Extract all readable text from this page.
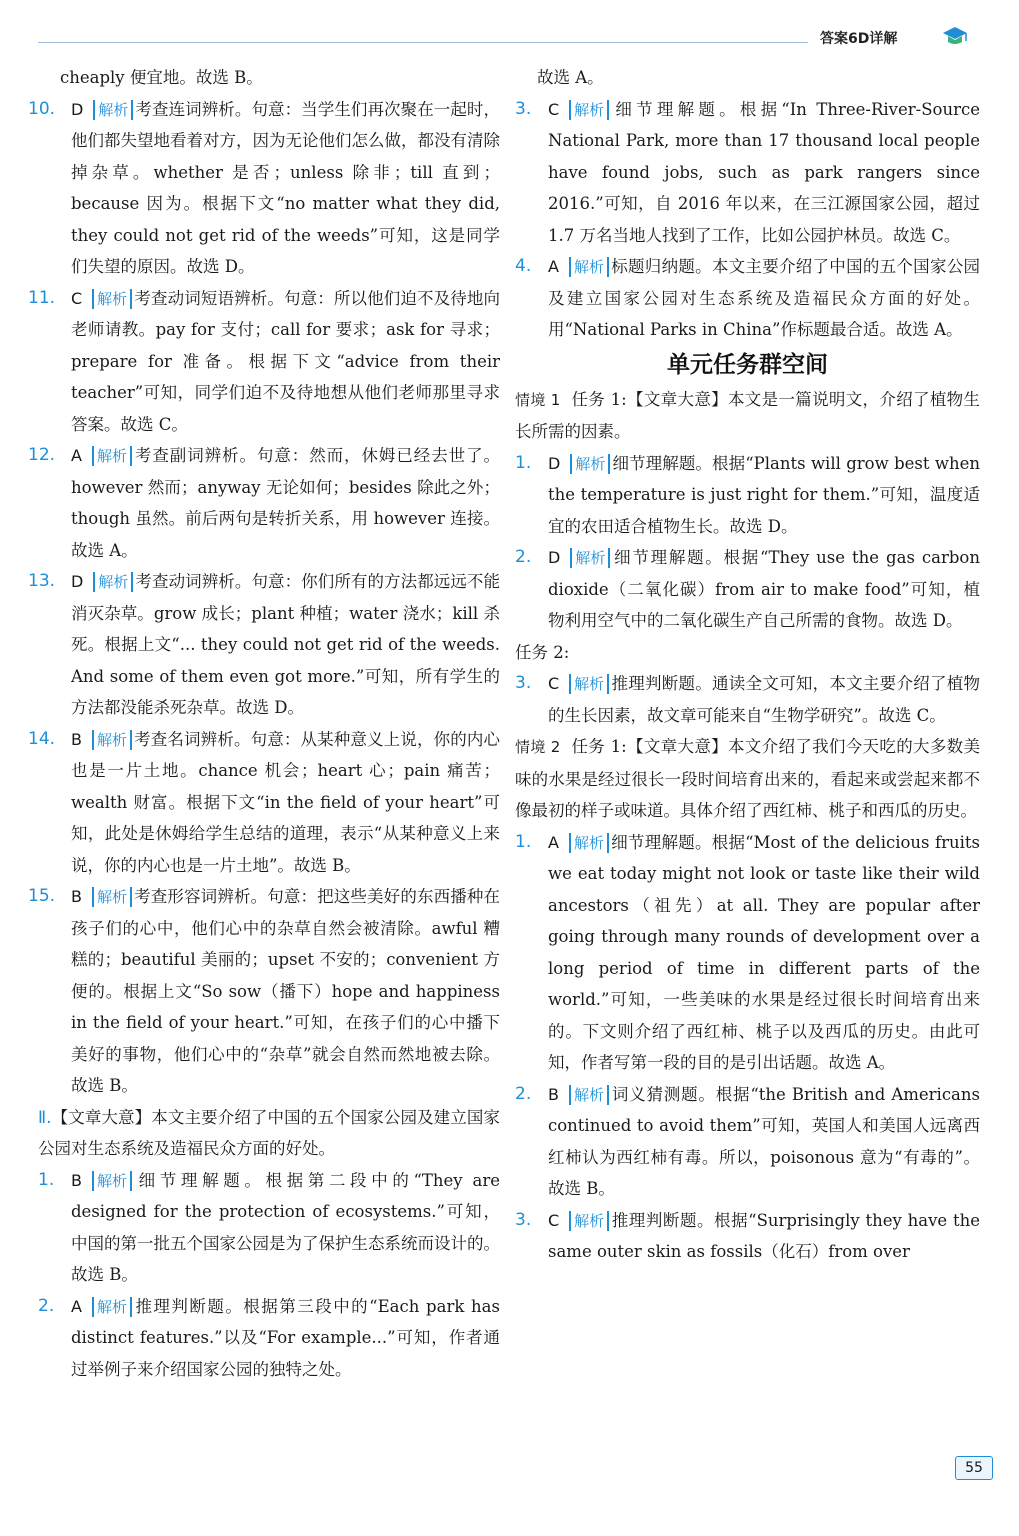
答案6D详解
cheaply 便宜地。故选 B。
10. D 解析 考查连词辨析。句意：当学生们再次聚在一起时，他们都失望地看着对方，因为无论他们怎么做，都没有清除掉杂草。whether 是否；unless 除非；till 直到；because 因为。根据下文“no matter what they did, they could not get rid of the weeds”可知，这是同学们失望的原因。故选 D。
11. C 解析 考查动词短语辨析。句意：所以他们迫不及待地向老师请教。pay for 支付；call for 要求；ask for 寻求；prepare for 准备。根据下文“advice from their teacher”可知，同学们迫不及待地想从他们老师那里寻求答案。故选 C。
12. A 解析 考查副词辨析。句意：然而，休姆已经去世了。however 然而；anyway 无论如何；besides 除此之外；though 虽然。前后两句是转折关系，用 however 连接。故选 A。
13. D 解析 考查动词辨析。句意：你们所有的方法都远远不能消灭杂草。grow 成长；plant 种植；water 浇水；kill 杀死。根据上文“... they could not get rid of the weeds. And some of them even got more.”可知，所有学生的方法都没能杀死杂草。故选 D。
14. B 解析 考查名词辨析。句意：从某种意义上说，你的内心也是一片土地。chance 机会；heart 心；pain 痛苦；wealth 财富。根据下文“in the field of your heart”可知，此处是休姆给学生总结的道理，表示“从某种意义上来说，你的内心也是一片土地”。故选 B。
15. B 解析 考查形容词辨析。句意：把这些美好的东西播种在孩子们的心中，他们心中的杂草自然会被清除。awful 糟糕的；beautiful 美丽的；upset 不安的；convenient 方便的。根据上文“So sow（播下）hope and happiness in the field of your heart.”可知，在孩子们的心中播下美好的事物，他们心中的“杂草”就会自然而然地被去除。故选 B。
Ⅱ.【文章大意】本文主要介绍了中国的五个国家公园及建立国家公园对生态系统及造福民众方面的好处。
1. B 解析 细节理解题。根据第二段中的“They are designed for the protection of ecosystems.”可知，中国的第一批五个国家公园是为了保护生态系统而设计的。故选 B。
2. A 解析 推理判断题。根据第三段中的“Each park has distinct features.”以及“For example...”可知，作者通过举例子来介绍国家公园的独特之处。
故选 A。
3. C 解析 细节理解题。根据“In Three-River-Source National Park, more than 17 thousand local people have found jobs, such as park rangers since 2016.”可知，自 2016 年以来，在三江源国家公园，超过 1.7 万名当地人找到了工作，比如公园护林员。故选 C。
4. A 解析 标题归纳题。本文主要介绍了中国的五个国家公园及建立国家公园对生态系统及造福民众方面的好处。用“National Parks in China”作标题最合适。故选 A。
单元任务群空间
情境 1 任务 1:【文章大意】本文是一篇说明文，介绍了植物生长所需的因素。
1. D 解析 细节理解题。根据“Plants will grow best when the temperature is just right for them.”可知，温度适宜的农田适合植物生长。故选 D。
2. D 解析 细节理解题。根据“They use the gas carbon dioxide（二氧化碳）from air to make food”可知，植物利用空气中的二氧化碳生产自己所需的食物。故选 D。
任务 2:
3. C 解析 推理判断题。通读全文可知，本文主要介绍了植物的生长因素，故文章可能来自“生物学研究”。故选 C。
情境 2 任务 1:【文章大意】本文介绍了我们今天吃的大多数美味的水果是经过很长一段时间培育出来的，看起来或尝起来都不像最初的样子或味道。具体介绍了西红柿、桃子和西瓜的历史。
1. A 解析 细节理解题。根据“Most of the delicious fruits we eat today might not look or taste like their wild ancestors（祖先）at all. They are popular after going through many rounds of development over a long period of time in different parts of the world.”可知，一些美味的水果是经过很长时间培育出来的。下文则介绍了西红柿、桃子以及西瓜的历史。由此可知，作者写第一段的目的是引出话题。故选 A。
2. B 解析 词义猜测题。根据“the British and Americans continued to avoid them”可知，英国人和美国人远离西红柿认为西红柿有毒。所以，poisonous 意为“有毒的”。故选 B。
3. C 解析 推理判断题。根据“Surprisingly they have the same outer skin as fossils（化石）from over
55
